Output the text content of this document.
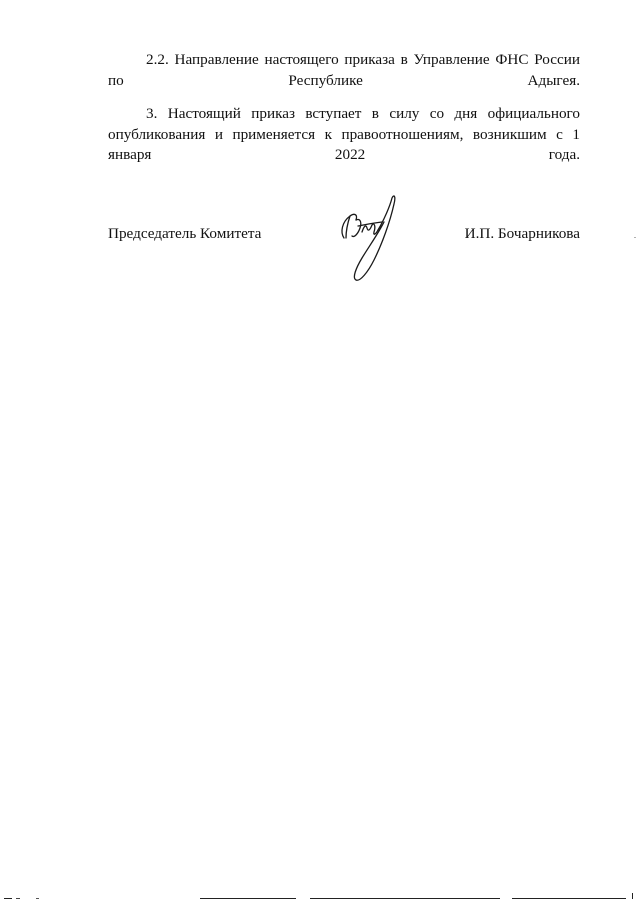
2.2. Направление настоящего приказа в Управление ФНС России по	Республике Адыгея.

3. Настоящий приказ вступает в силу со дня официального опубликования и применяется к правоотношениям, возникшим с 1 января	2022 года.

Председатель Комитета	И.П. Бочарникова
